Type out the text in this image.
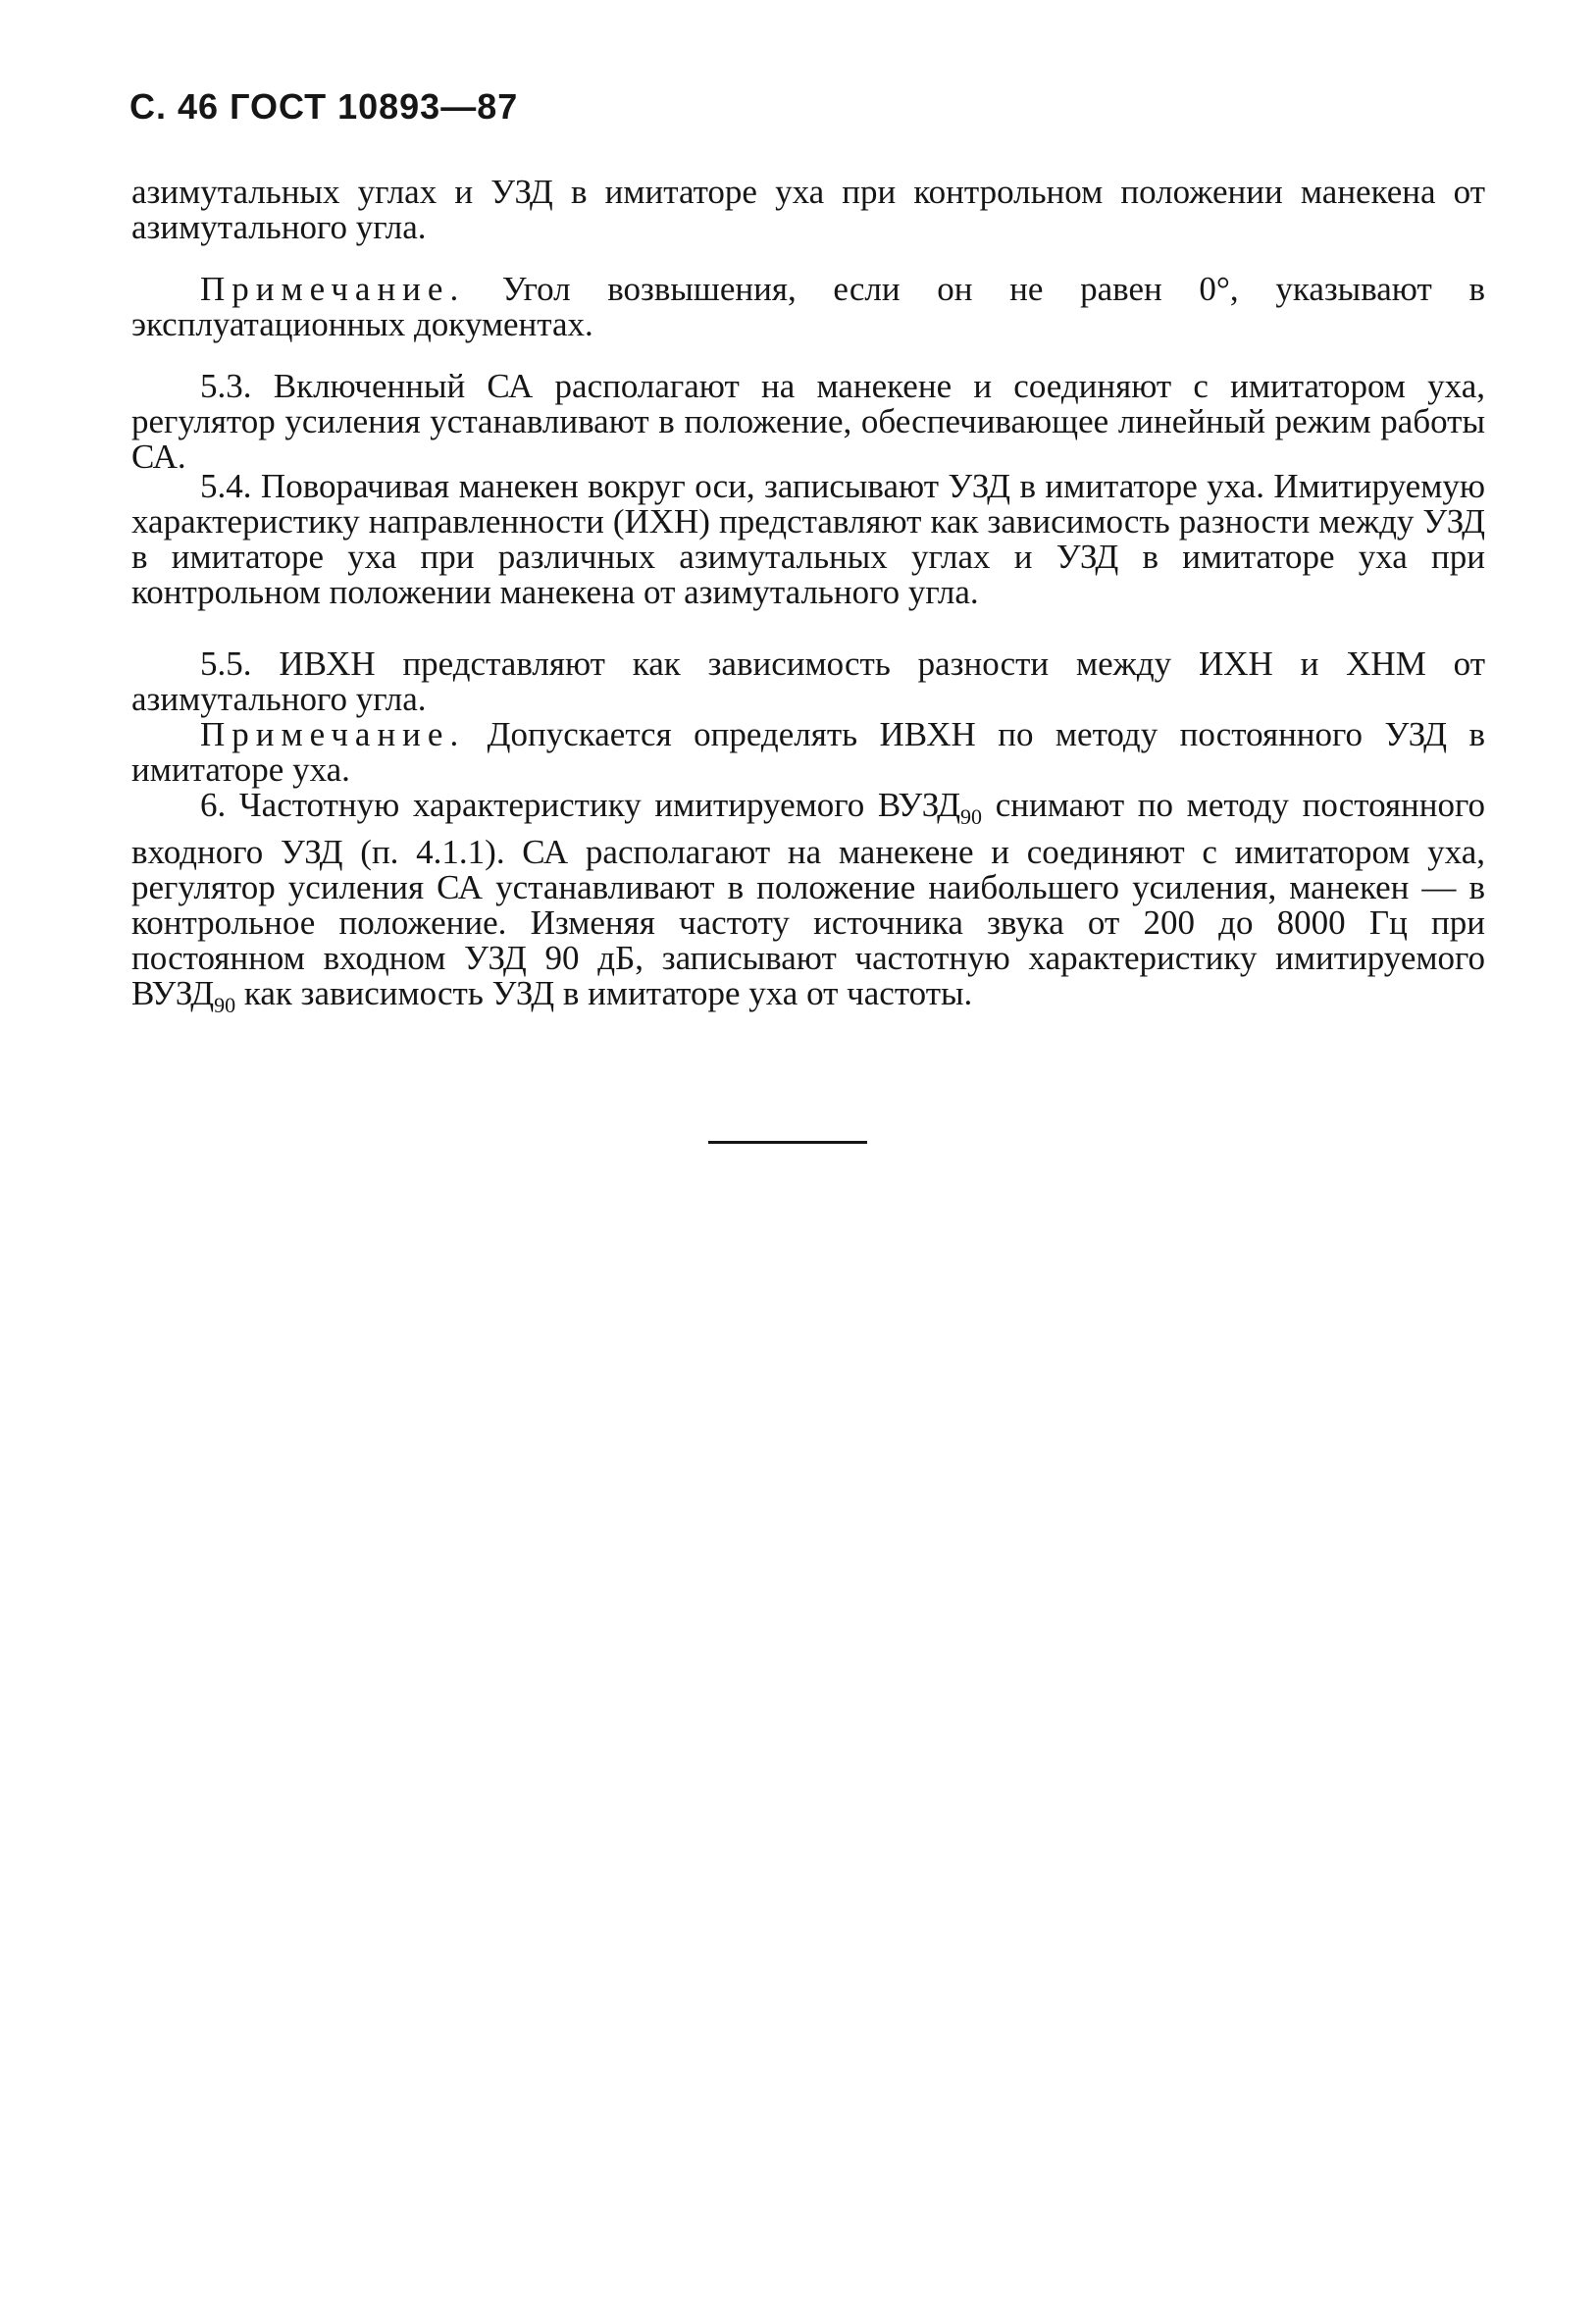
С. 46 ГОСТ 10893—87
азимутальных углах и УЗД в имитаторе уха при контрольном положении манекена от азимутального угла.
Примечание. Угол возвышения, если он не равен 0°, указывают в эксплуатационных документах.
5.3. Включенный СА располагают на манекене и соединяют с имитатором уха, регулятор усиления устанавливают в положение, обеспечивающее линейный режим работы СА.
5.4. Поворачивая манекен вокруг оси, записывают УЗД в имитаторе уха. Имитируемую характеристику направленности (ИХН) представляют как зависимость разности между УЗД в имитаторе уха при различных азимутальных углах и УЗД в имитаторе уха при контрольном положении манекена от азимутального угла.
5.5. ИВХН представляют как зависимость разности между ИХН и ХНМ от азимутального угла.
Примечание. Допускается определять ИВХН по методу постоянного УЗД в имитаторе уха.
6. Частотную характеристику имитируемого $ВУЗД_{90}$ снимают по методу постоянного входного УЗД (п. 4.1.1). СА располагают на манекене и соединяют с имитатором уха, регулятор усиления СА устанавливают в положение наибольшего усиления, манекен — в контрольное положение. Изменяя частоту источника звука от 200 до 8000 Гц при постоянном входном УЗД 90 дБ, записывают частотную характеристику имитируемого $ВУЗД_{90}$ как зависимость УЗД в имитаторе уха от частоты.
